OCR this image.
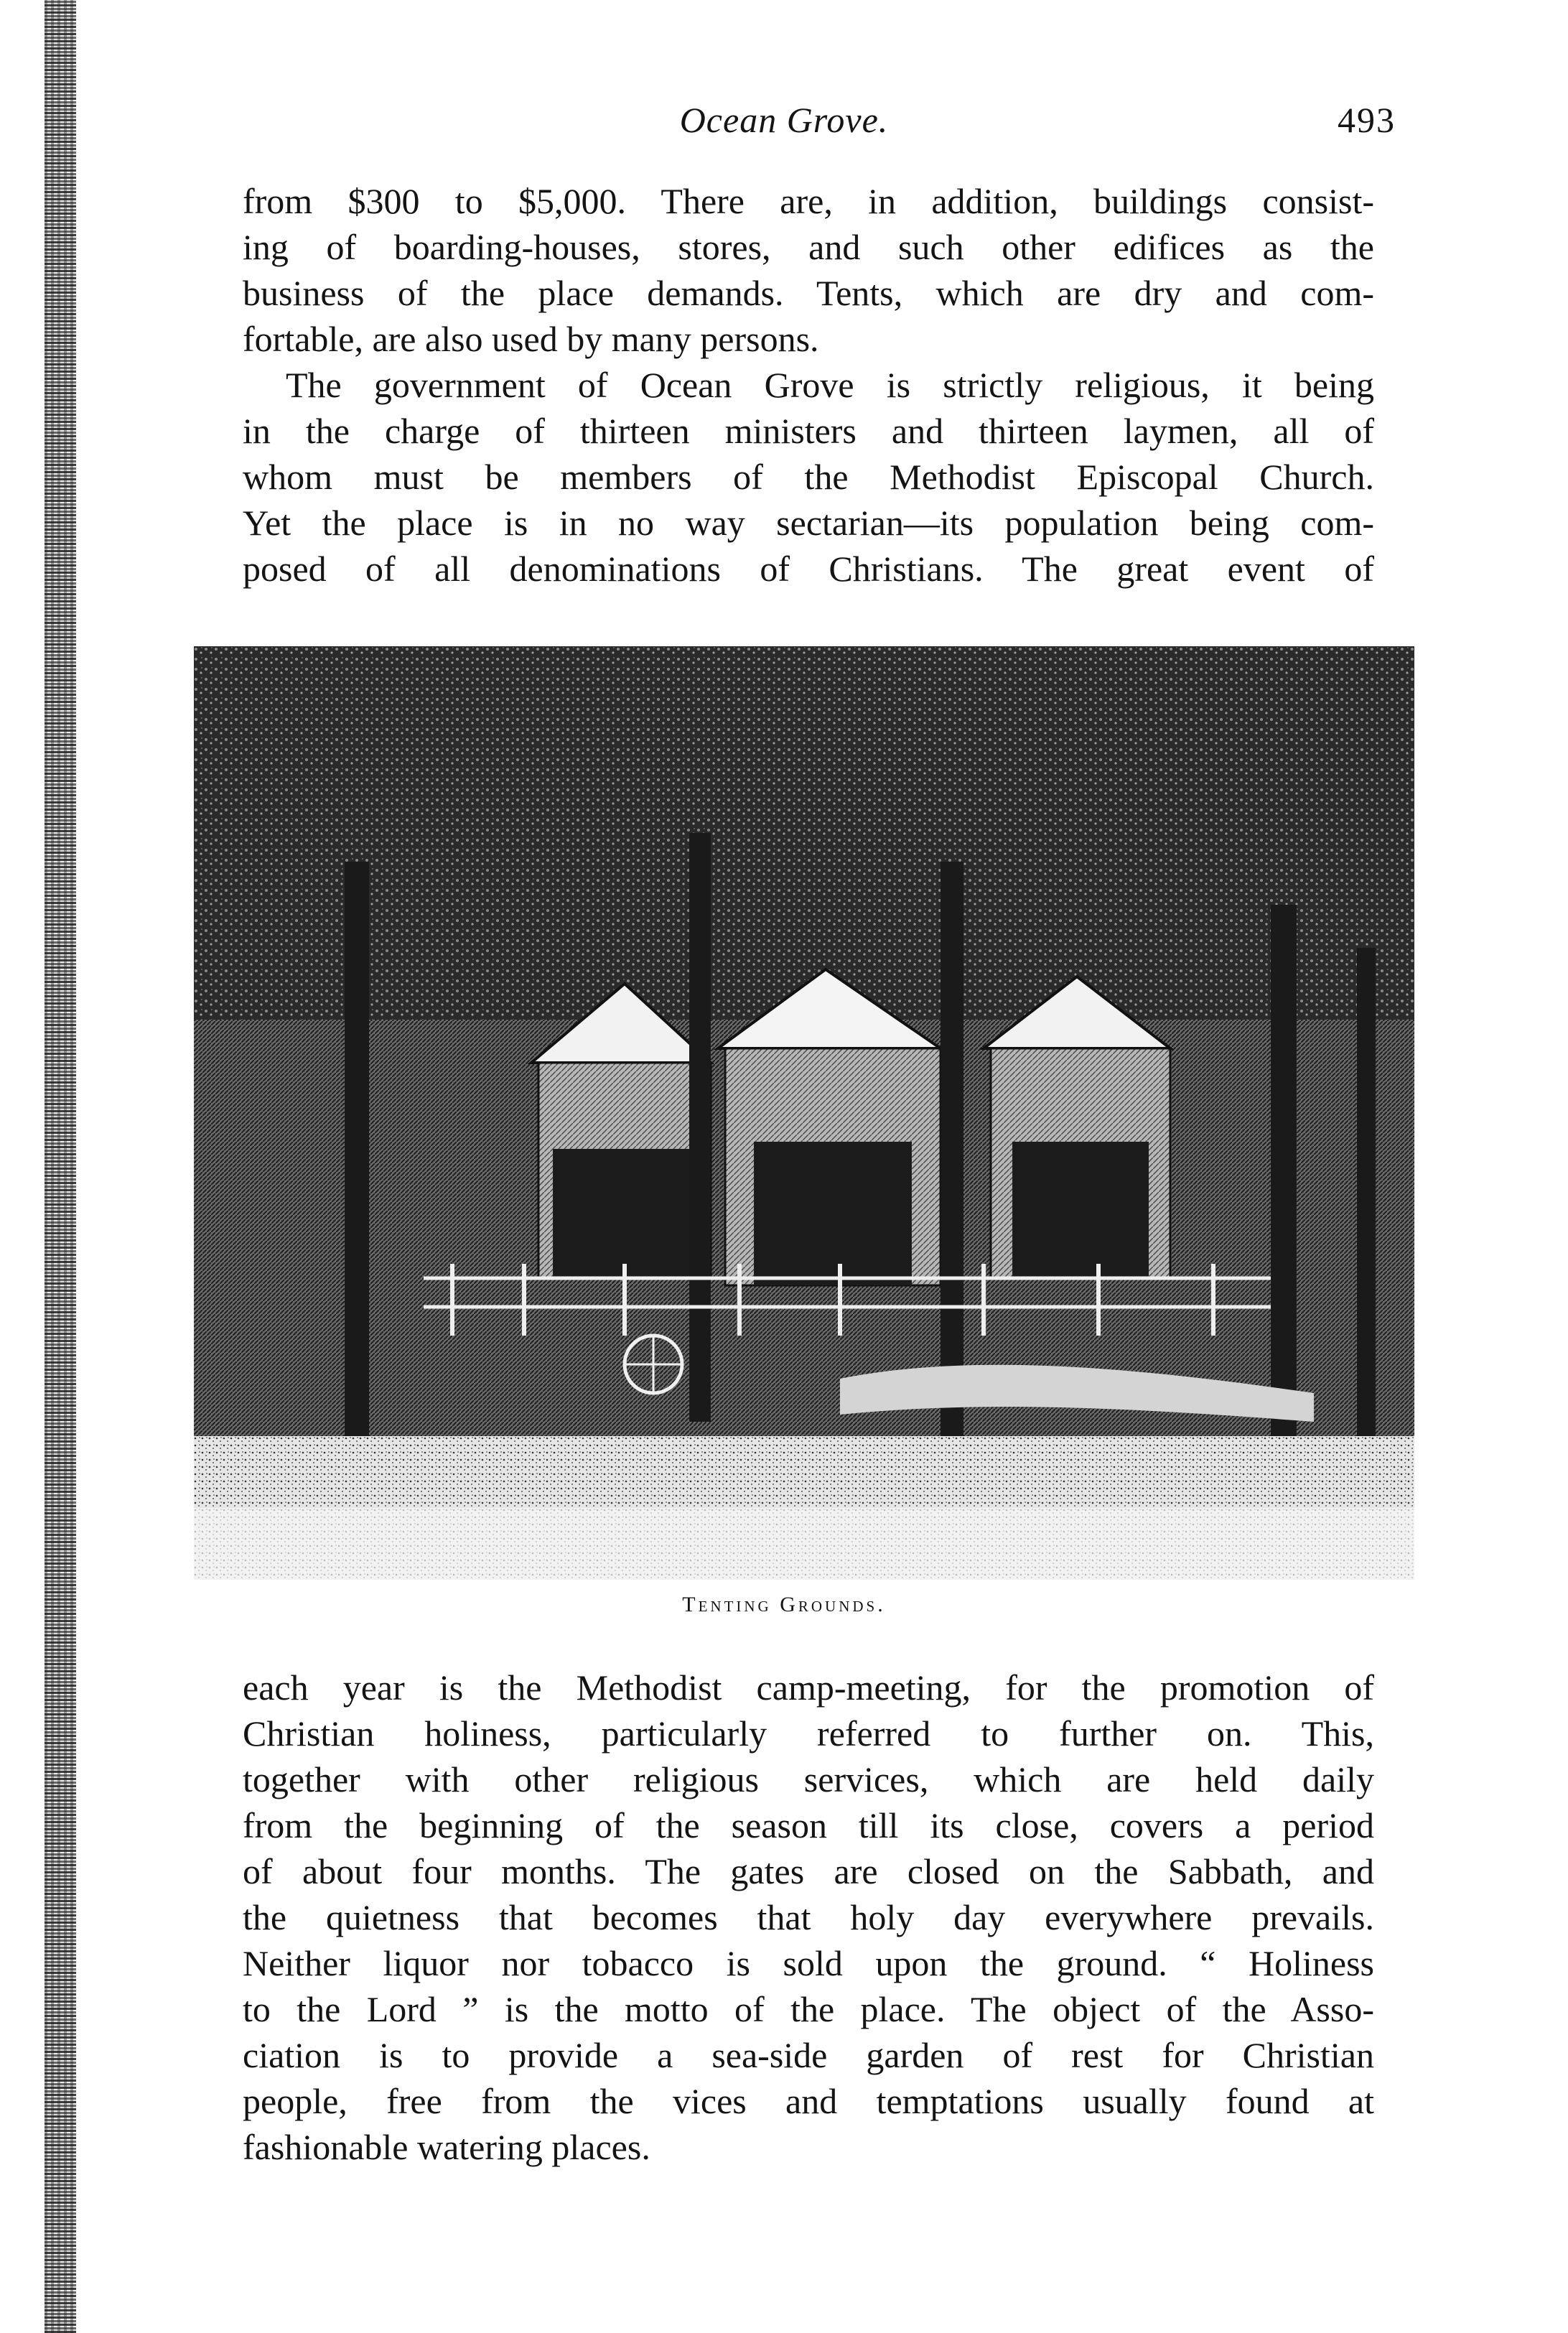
Ocean Grove.	493
from $300 to $5,000. There are, in addition, buildings consist-
ing of boarding-houses, stores, and such other edifices as the
business of the place demands. Tents, which are dry and com-
fortable, are also used by many persons.
The government of Ocean Grove is strictly religious, it being
in the charge of thirteen ministers and thirteen laymen, all of
whom must be members of the Methodist Episcopal Church.
Yet the place is in no way sectarian—its population being com-
posed of all denominations of Christians. The great event of
Tenting Grounds.
each year is the Methodist camp-meeting, for the promotion of
Christian holiness, particularly referred to further on. This,
together with other religious services, which are held daily
from the beginning of the season till its close, covers a period
of about four months. The gates are closed on the Sabbath, and
the quietness that becomes that holy day everywhere prevails.
Neither liquor nor tobacco is sold upon the ground. “ Holiness
to the Lord ” is the motto of the place. The object of the Asso-
ciation is to provide a sea-side garden of rest for Christian
people, free from the vices and temptations usually found at
fashionable watering places.
